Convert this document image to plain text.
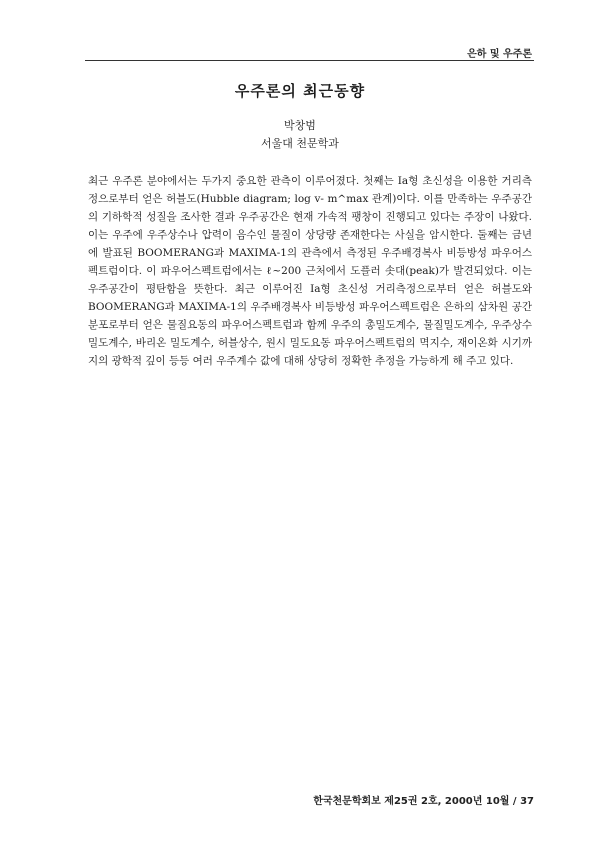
은하 및 우주론
우주론의 최근동향
박창범
서울대 천문학과

최근 우주론 분야에서는 두가지 중요한 관측이 이루어졌다. 첫째는 Ia형 초신성을 이용한 거리측정으로부터 얻은 허블도(Hubble diagram; log v- m^max 관계)이다. 이를 만족하는 우주공간의 기하학적 성질을 조사한 결과 우주공간은 현재 가속적 팽창이 진행되고 있다는 주장이 나왔다. 이는 우주에 우주상수나 압력이 음수인 물질이 상당량 존재한다는 사실을 암시한다. 둘째는 금년에 발표된 BOOMERANG과 MAXIMA-1의 관측에서 측정된 우주배경복사 비등방성 파우어스펙트럼이다. 이 파우어스펙트럼에서는 ℓ~200 근처에서 도플러 솟대(peak)가 발견되었다. 이는 우주공간이 평탄함을 뜻한다. 최근 이루어진 Ia형 초신성 거리측정으로부터 얻은 허블도와 BOOMERANG과 MAXIMA-1의 우주배경복사 비등방성 파우어스펙트럼은 은하의 삼차원 공간분포로부터 얻은 물질요동의 파우어스펙트럼과 함께 우주의 총밀도계수, 물질밀도계수, 우주상수 밀도계수, 바리온 밀도계수, 허블상수, 원시 밀도요동 파우어스펙트럼의 멱지수, 재이온화 시기까지의 광학적 깊이 등등 여러 우주계수 값에 대해 상당히 정확한 추정을 가능하게 해 주고 있다.

한국천문학회보 제25권 2호, 2000년 10월 / 37
